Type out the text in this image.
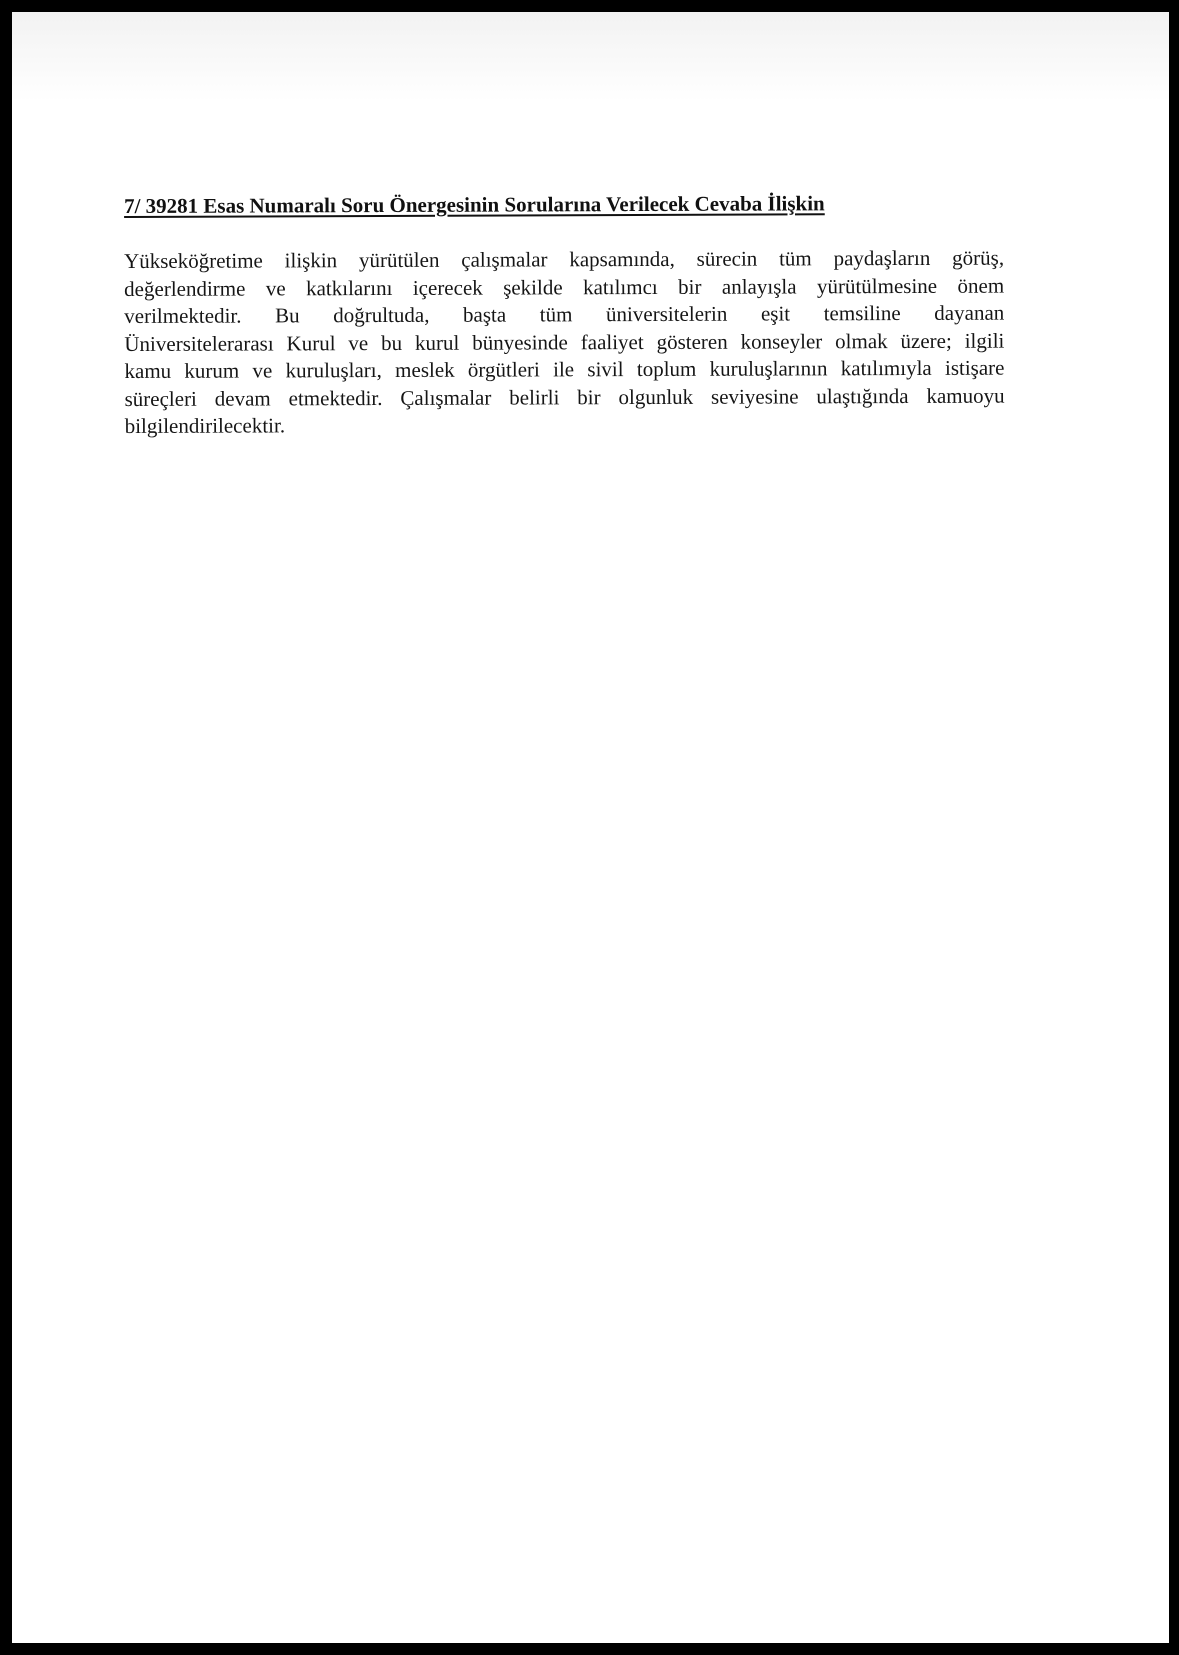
7/ 39281 Esas Numaralı Soru Önergesinin Sorularına Verilecek Cevaba İlişkin

Yükseköğretime ilişkin yürütülen çalışmalar kapsamında, sürecin tüm paydaşların görüş,
değerlendirme ve katkılarını içerecek şekilde katılımcı bir anlayışla yürütülmesine önem
verilmektedir. Bu doğrultuda, başta tüm üniversitelerin eşit temsiline dayanan
Üniversitelerarası Kurul ve bu kurul bünyesinde faaliyet gösteren konseyler olmak üzere; ilgili
kamu kurum ve kuruluşları, meslek örgütleri ile sivil toplum kuruluşlarının katılımıyla istişare
süreçleri devam etmektedir. Çalışmalar belirli bir olgunluk seviyesine ulaştığında kamuoyu
bilgilendirilecektir.
